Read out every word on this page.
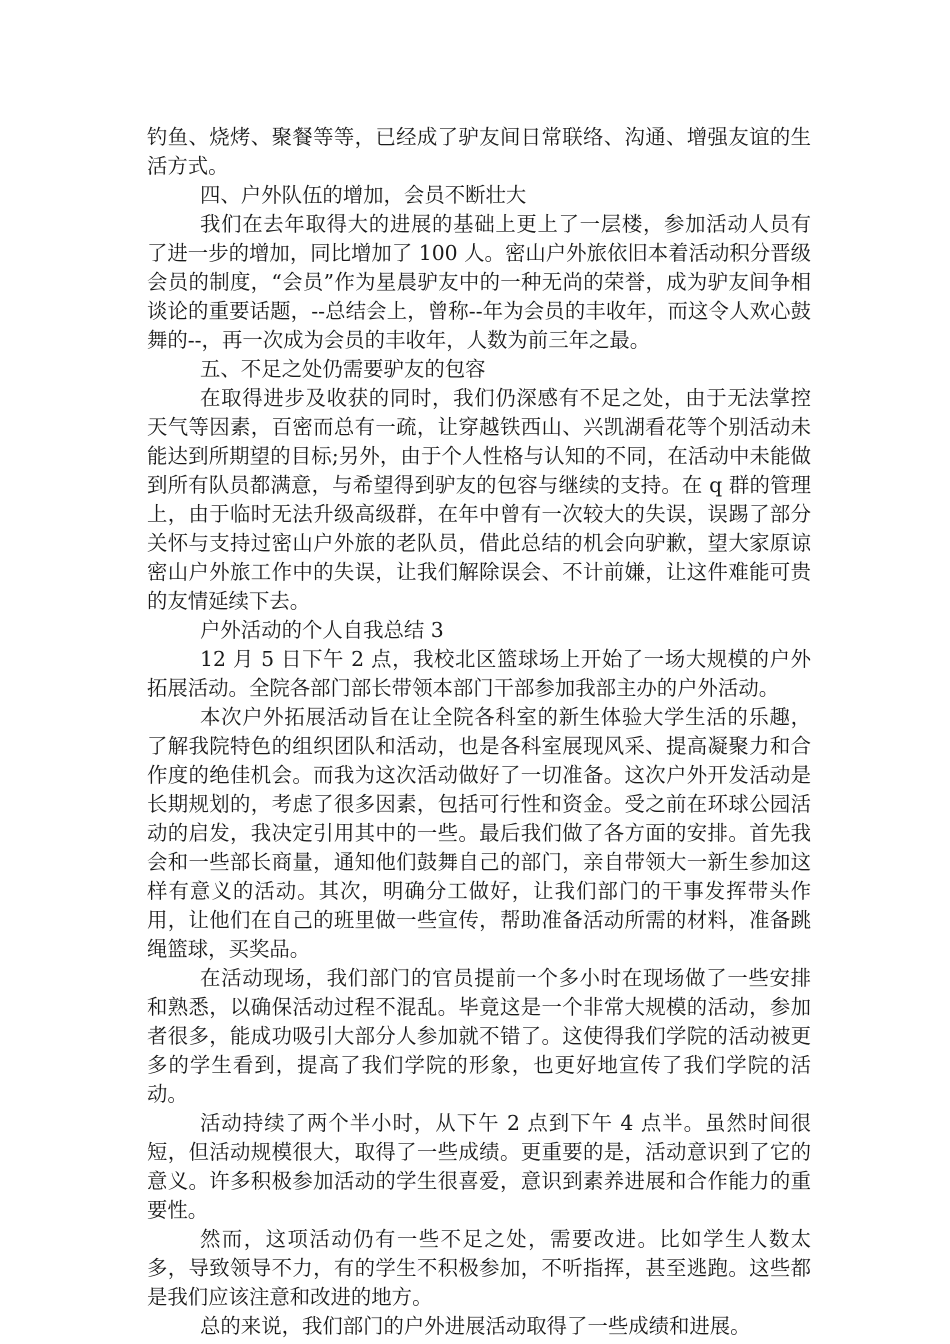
钓鱼、烧烤、聚餐等等，已经成了驴友间日常联络、沟通、增强友谊的生活方式。

四、户外队伍的增加，会员不断壮大

我们在去年取得大的进展的基础上更上了一层楼，参加活动人员有了进一步的增加，同比增加了 100 人。密山户外旅依旧本着活动积分晋级会员的制度，“会员”作为星晨驴友中的一种无尚的荣誉，成为驴友间争相谈论的重要话题，--总结会上，曾称--年为会员的丰收年，而这令人欢心鼓舞的--，再一次成为会员的丰收年，人数为前三年之最。

五、不足之处仍需要驴友的包容

在取得进步及收获的同时，我们仍深感有不足之处，由于无法掌控天气等因素，百密而总有一疏，让穿越铁西山、兴凯湖看花等个别活动未能达到所期望的目标;另外，由于个人性格与认知的不同，在活动中未能做到所有队员都满意，与希望得到驴友的包容与继续的支持。在 q 群的管理上，由于临时无法升级高级群，在年中曾有一次较大的失误，误踢了部分关怀与支持过密山户外旅的老队员，借此总结的机会向驴歉，望大家原谅密山户外旅工作中的失误，让我们解除误会、不计前嫌，让这件难能可贵的友情延续下去。

户外活动的个人自我总结 3

12 月 5 日下午 2 点，我校北区篮球场上开始了一场大规模的户外拓展活动。全院各部门部长带领本部门干部参加我部主办的户外活动。

本次户外拓展活动旨在让全院各科室的新生体验大学生活的乐趣，了解我院特色的组织团队和活动，也是各科室展现风采、提高凝聚力和合作度的绝佳机会。而我为这次活动做好了一切准备。这次户外开发活动是长期规划的，考虑了很多因素，包括可行性和资金。受之前在环球公园活动的启发，我决定引用其中的一些。最后我们做了各方面的安排。首先我会和一些部长商量，通知他们鼓舞自己的部门，亲自带领大一新生参加这样有意义的活动。其次，明确分工做好，让我们部门的干事发挥带头作用，让他们在自己的班里做一些宣传，帮助准备活动所需的材料，准备跳绳篮球，买奖品。

在活动现场，我们部门的官员提前一个多小时在现场做了一些安排和熟悉，以确保活动过程不混乱。毕竟这是一个非常大规模的活动，参加者很多，能成功吸引大部分人参加就不错了。这使得我们学院的活动被更多的学生看到，提高了我们学院的形象，也更好地宣传了我们学院的活动。

活动持续了两个半小时，从下午 2 点到下午 4 点半。虽然时间很短，但活动规模很大，取得了一些成绩。更重要的是，活动意识到了它的意义。许多积极参加活动的学生很喜爱，意识到素养进展和合作能力的重要性。

然而，这项活动仍有一些不足之处，需要改进。比如学生人数太多，导致领导不力，有的学生不积极参加，不听指挥，甚至逃跑。这些都是我们应该注意和改进的地方。

总的来说，我们部门的户外进展活动取得了一些成绩和进展。
